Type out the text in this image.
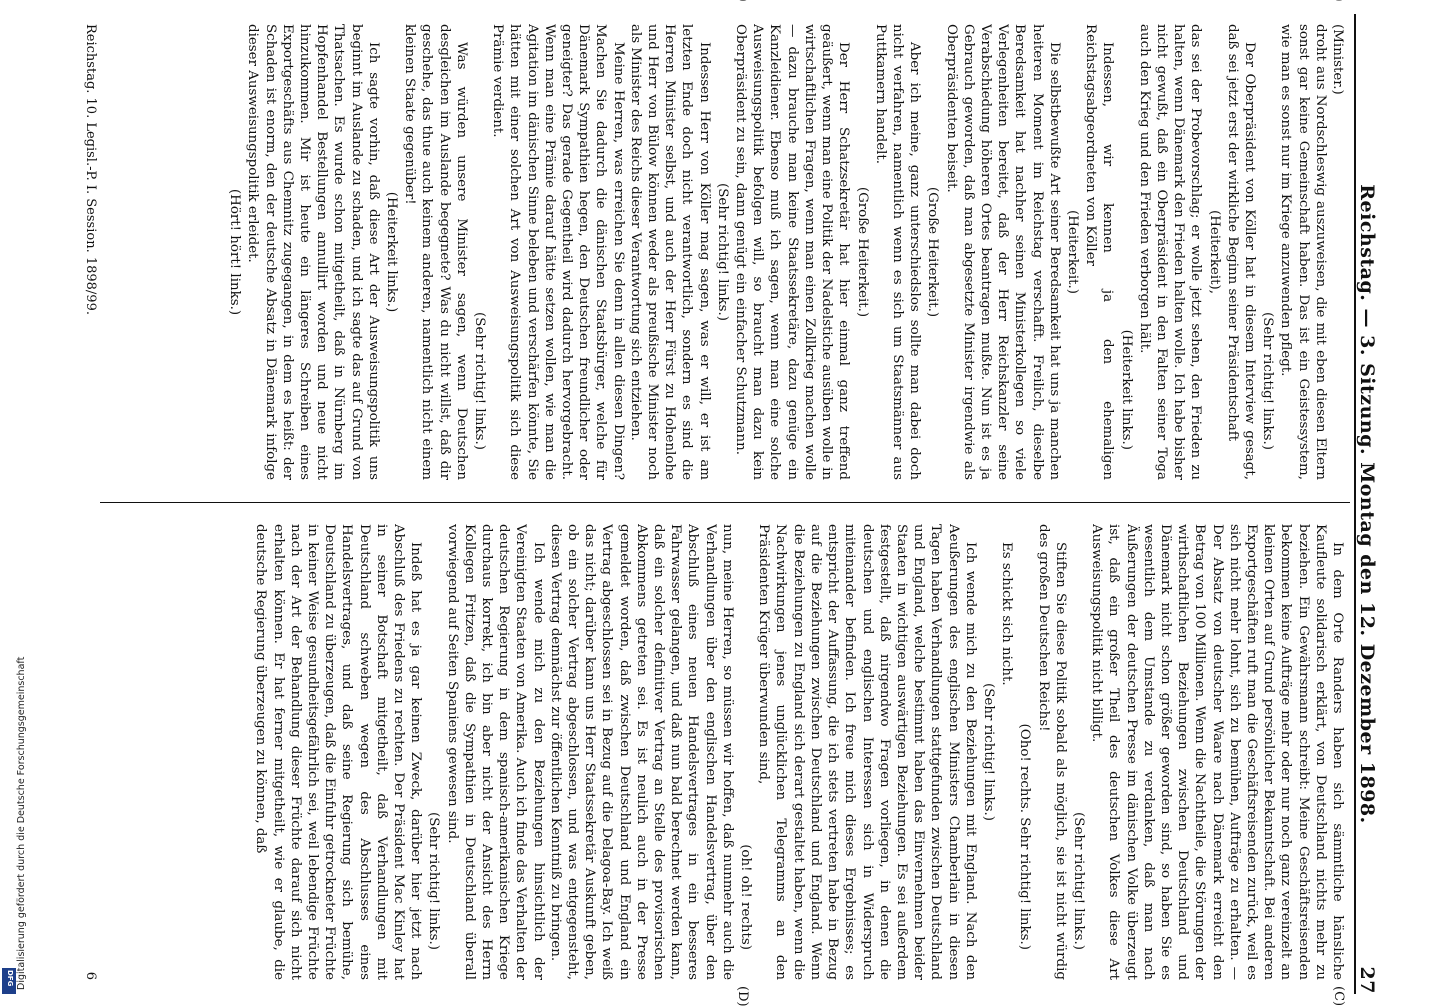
Reichstag. — 3. Sitzung. Montag den 12. Dezember 1898.
27
(C)
(D)

(Minister.)

droht aus Nordschleswig auszuweisen, die mit eben diesen Eltern sonst gar keine Gemeinschaft haben. Das ist ein Geistessystem, wie man es sonst nur im Kriege anzuwenden pflegt.

(Sehr richtig! links.)

Der Oberpräsident von Köller hat in diesem Interview gesagt, daß sei jetzt erst der wirkliche Beginn seiner Präsidentschaft

(Heiterkeit),

das sei der Probevorschlag; er wolle jetzt sehen, den Frieden zu halten, wenn Dänemark den Frieden halten wolle. Ich habe bisher nicht gewußt, daß ein Oberpräsident in den Falten seiner Toga auch den Krieg und den Frieden verborgen hält.

(Heiterkeit links.)

Indessen, wir kennen ja den ehemaligen Reichstagsabgeordneten von Köller

(Heiterkeit.)

Die selbstbewußte Art seiner Beredsamkeit hat uns ja manchen heiteren Moment im Reichstag verschafft. Freilich, dieselbe Beredsamkeit hat nachher seinen Ministerkollegen so viele Verlegenheiten bereitet, daß der Herr Reichskanzler seine Verabschiedung höheren Ortes beantragen mußte. Nun ist es ja Gebrauch geworden, daß man abgesetzte Minister irgendwie als Oberpräsidenten beiseit.

(Große Heiterkeit.)

Aber ich meine, ganz unterschiedslos sollte man dabei doch nicht verfahren, namentlich wenn es sich um Staatsmänner aus Puttkamern handelt.

(Große Heiterkeit.)

Der Herr Schatzsekretär hat hier einmal ganz treffend geäußert, wenn man eine Politik der Nadelstiche ausüben wolle in wirtschaftlichen Fragen, wenn man einen Zollkrieg machen wolle — dazu brauche man keine Staatssekretäre, dazu genüge ein Kanzleidiener. Ebenso muß ich sagen, wenn man eine solche Ausweisungspolitik befolgen will, so braucht man dazu kein Oberpräsident zu sein, dann genügt ein einfacher Schutzmann.

(Sehr richtig! links.)

Indessen Herr von Köller mag sagen, was er will, er ist am letzten Ende doch nicht verantwortlich, sondern es sind die Herren Minister selbst, und auch der Herr Fürst zu Hohenlohe und Herr von Bülow können weder als preußische Minister noch als Minister des Reichs dieser Verantwortung sich entziehen.

Meine Herren, was erreichen Sie denn in allen diesen Dingen? Machen Sie dadurch die dänischen Staatsbürger, welche für Dänemark Sympathien hegen, den Deutschen freundlicher oder geneigter? Das gerade Gegentheil wird dadurch hervorgebracht. Wenn man eine Prämie darauf hätte setzen wollen, wie man die Agitation im dänischen Sinne beleben und verschärfen könnte, Sie hätten mit einer solchen Art von Ausweisungspolitik sich diese Prämie verdient.

(Sehr richtig! links.)

Was würden unsere Minister sagen, wenn Deutschen desgleichen im Auslande begegnete? Was du nicht willst, daß dir geschehe, das thue auch keinem anderen, namentlich nicht einem kleinen Staate gegenüber!

(Heiterkeit links.)

Ich sagte vorhin, daß diese Art der Ausweisungspolitik uns beginnt im Auslande zu schaden, und ich sagte das auf Grund von Thatsachen. Es wurde schon mitgetheilt, daß in Nürnberg im Hopfenhandel Bestellungen annullirt worden und neue nicht hinzukommen. Mir ist heute ein längeres Schreiben eines Exportgeschäfts aus Chemnitz zugegangen, in dem es heißt: der Schaden ist enorm, den der deutsche Absatz in Dänemark infolge dieser Ausweisungspolitik erleidet.

(Hört! hört! links.)

In dem Orte Randers haben sich sämmtliche hänsliche Kaufleute solidarisch erklärt, von Deutschland nichts mehr zu beziehen. Ein Gewährsmann schreibt: Meine Geschäftsreisenden bekommen keine Aufträge mehr oder nur noch ganz vereinzelt an kleinen Orten auf Grund persönlicher Bekanntschaft. Bei anderen Exportgeschäften ruft man die Geschäftsreisenden zurück, weil es sich nicht mehr lohnt, sich zu bemühen, Aufträge zu erhalten. — Der Absatz von deutscher Waare nach Dänemark erreicht den Betrag von 100 Millionen. Wenn die Nachtheile, die Störungen der wirthschaftlichen Beziehungen zwischen Deutschland und Dänemark nicht schon größer geworden sind, so haben Sie es wesentlich dem Umstande zu verdanken, daß man nach Äußerungen der deutschen Presse im dänischen Volke überzeugt ist, daß ein großer Theil des deutschen Volkes diese Art Ausweisungspolitik nicht billigt.

(Sehr richtig! links.)

Stiften Sie diese Politik sobald als möglich, sie ist nicht würdig des großen Deutschen Reichs!

(Oho! rechts. Sehr richtig! links.)

Es schickt sich nicht.

(Sehr richtig! links.)

Ich wende mich zu den Beziehungen mit England. Nach den Aeußerungen des englischen Ministers Chamberlain in diesen Tagen haben Verhandlungen stattgefunden zwischen Deutschland und England, welche bestimmt haben das Einvernehmen beider Staaten in wichtigen auswärtigen Beziehungen. Es sei außerdem festgestellt, daß nirgendwo Fragen vorliegen, in denen die deutschen und englischen Interessen sich in Widerspruch miteinander befinden. Ich freue mich dieses Ergebnisses; es entspricht der Auffassung, die ich stets vertreten habe in Bezug auf die Beziehungen zwischen Deutschland und England. Wenn die Beziehungen zu England sich derart gestaltet haben, wenn die Nachwirkungen jenes unglücklichen Telegramms an den Präsidenten Krüger überwunden sind,

(oh! oh! rechts)

nun, meine Herren, so müssen wir hoffen, daß nunmehr auch die Verhandlungen über den englischen Handelsvertrag, über den Abschluß eines neuen Handelsvertrages in ein besseres Fahrwasser gelangen, und daß nun bald berechnet werden kann, daß ein solcher definitiver Vertrag an Stelle des provisorischen Abkommens getreten sei. Es ist neulich auch in der Presse gemeldet worden, daß zwischen Deutschland und England ein Vertrag abgeschlossen sei in Bezug auf die Delagoa-Bay. Ich weiß das nicht; darüber kann uns Herr Staatssekretär Auskunft geben, ob ein solcher Vertrag abgeschlossen, und was entgegensteht, diesen Vertrag demnächst zur öffentlichen Kenntniß zu bringen.

Ich wende mich zu den Beziehungen hinsichtlich der Vereinigten Staaten von Amerika. Auch ich finde das Verhalten der deutschen Regierung in dem spanisch-amerikanischen Kriege durchaus korrekt, ich bin aber nicht der Ansicht des Herrn Kollegen Fritzen, daß die Sympathien in Deutschland überall vorwiegend auf Seiten Spaniens gewesen sind.

(Sehr richtig! links.)

Indeß hat es ja gar keinen Zweck, darüber hier jetzt nach Abschluß des Friedens zu rechten. Der Präsident Mac Kinley hat in seiner Botschaft mitgetheilt, daß Verhandlungen mit Deutschland schweben wegen des Abschlusses eines Handelsvertrages, und daß seine Regierung sich bemühe, Deutschland zu überzeugen, daß die Einfuhr getrockneter Früchte in keiner Weise gesundheitsgefährlich sei, weil lebendige Früchte nach der Art der Behandlung dieser Früchte darauf sich nicht erhalten können. Er hat ferner mitgetheilt, wie er glaube, die deutsche Regierung überzeugen zu können, daß

Reichstag. 10. Legisl.-P. I. Session. 1898/99.
6
Digitalisierung gefördert durch die Deutsche Forschungsgemeinschaft
DFG
